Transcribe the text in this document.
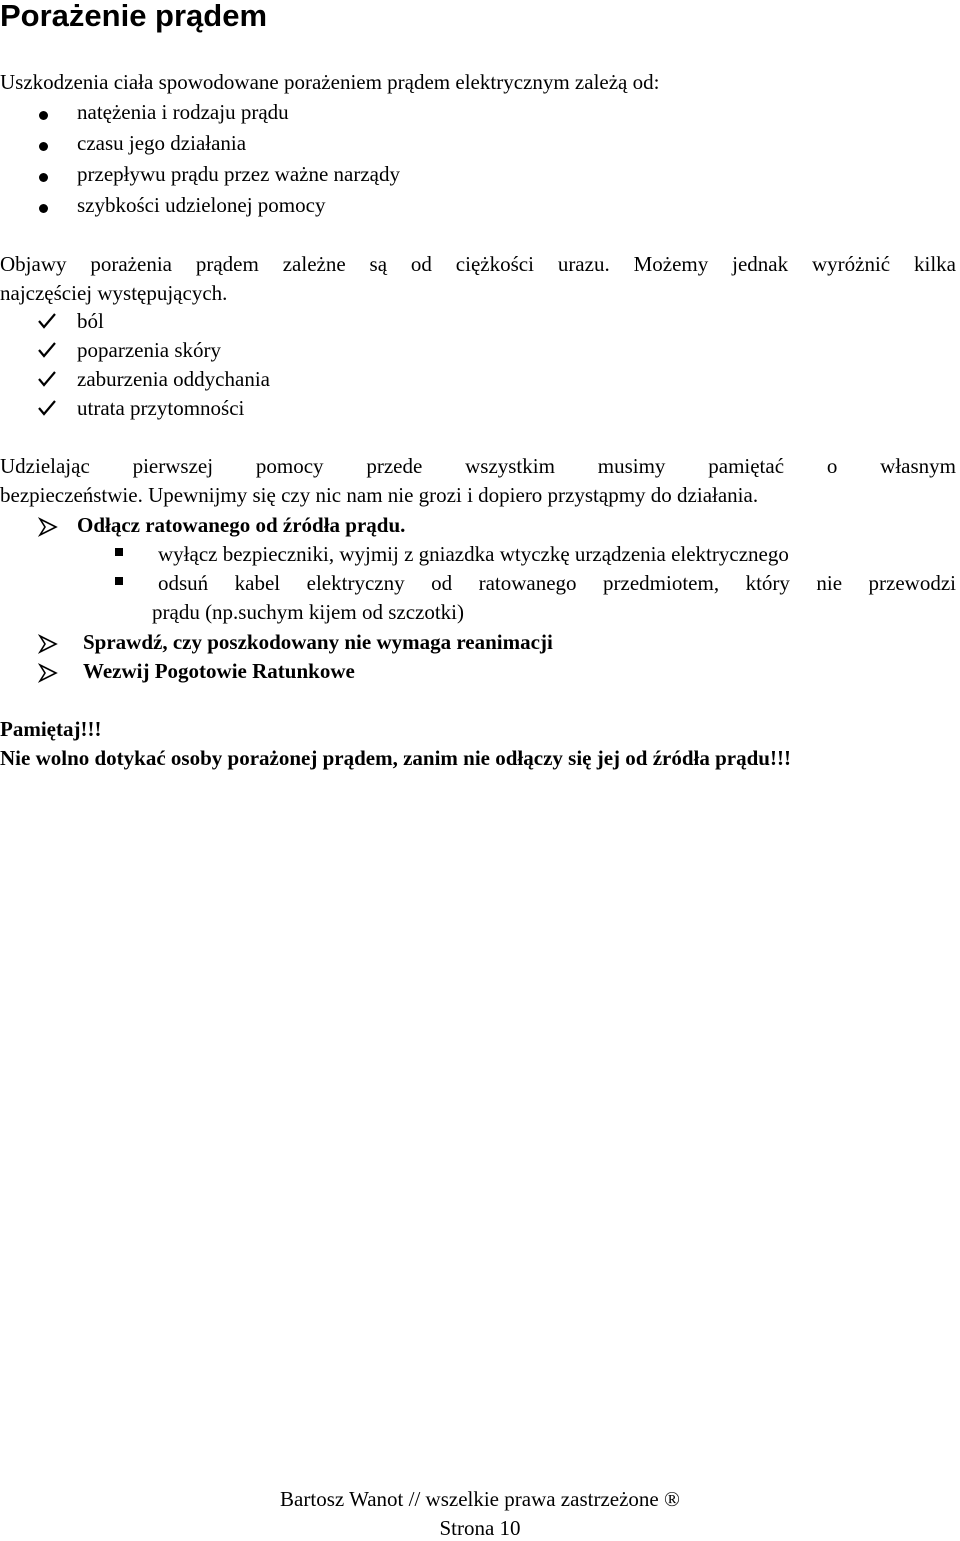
Porażenie prądem
Uszkodzenia ciała spowodowane porażeniem prądem elektrycznym zależą od:
natężenia i rodzaju prądu
czasu jego działania
przepływu prądu przez ważne narządy
szybkości udzielonej pomocy
Objawy porażenia prądem zależne są od ciężkości urazu. Możemy jednak wyróżnić kilka
najczęściej występujących.
ból
poparzenia skóry
zaburzenia oddychania
utrata przytomności
Udzielając pierwszej pomocy przede wszystkim musimy pamiętać o własnym
bezpieczeństwie. Upewnijmy się czy nic nam nie grozi i dopiero przystąpmy do działania.
Odłącz ratowanego od źródła prądu.
wyłącz bezpieczniki, wyjmij z gniazdka wtyczkę urządzenia elektrycznego
odsuń kabel elektryczny od ratowanego przedmiotem, który nie przewodzi
prądu (np.suchym kijem od szczotki)
Sprawdź, czy poszkodowany nie wymaga reanimacji
Wezwij Pogotowie Ratunkowe
Pamiętaj!!!
Nie wolno dotykać osoby porażonej prądem, zanim nie odłączy się jej od źródła prądu!!!
Bartosz Wanot // wszelkie prawa zastrzeżone ®
Strona 10
